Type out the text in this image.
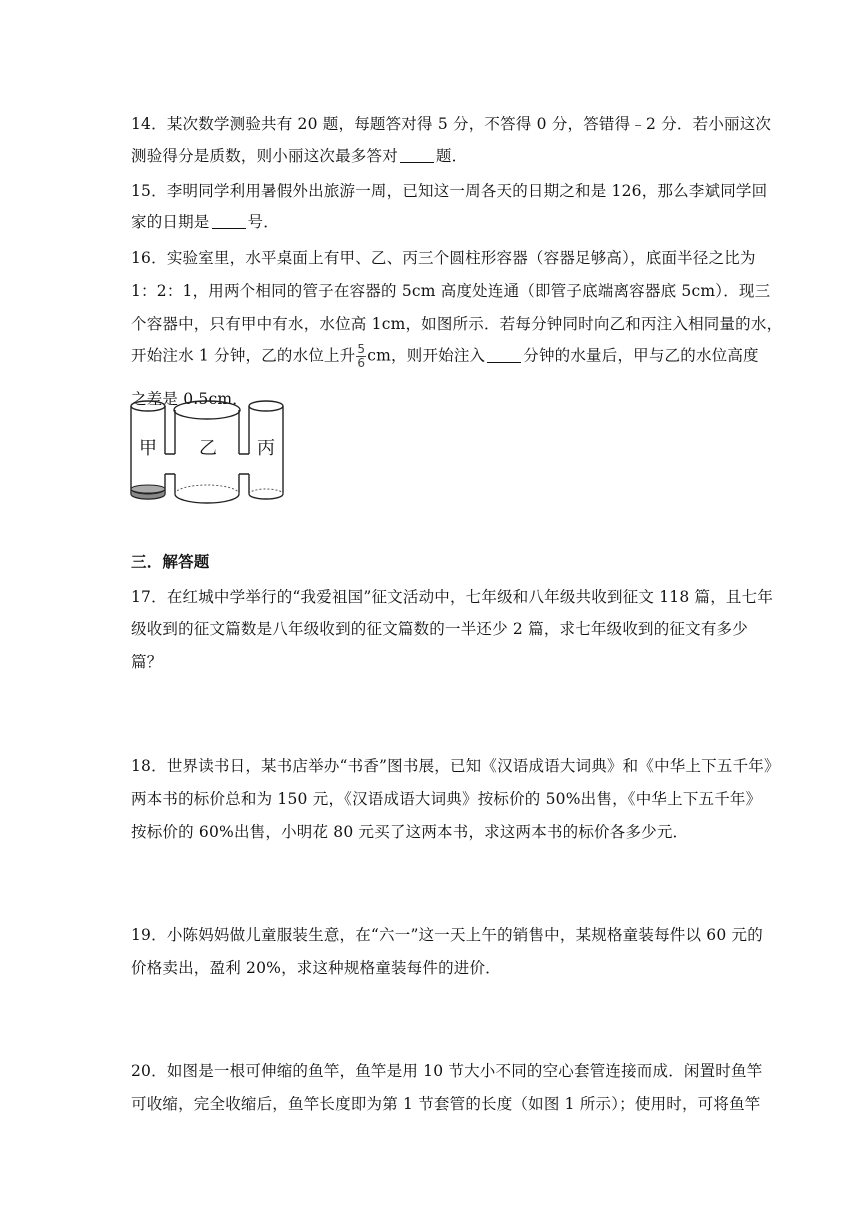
14．某次数学测验共有 20 题，每题答对得 5 分，不答得 0 分，答错得﹣2 分．若小丽这次
测验得分是质数，则小丽这次最多答对 题．
15．李明同学利用暑假外出旅游一周，已知这一周各天的日期之和是 126，那么李斌同学回
家的日期是 号．
16．实验室里，水平桌面上有甲、乙、丙三个圆柱形容器（容器足够高），底面半径之比为
1：2：1，用两个相同的管子在容器的 5cm 高度处连通（即管子底端离容器底 5cm）．现三
个容器中，只有甲中有水，水位高 1cm，如图所示．若每分钟同时向乙和丙注入相同量的水，
开始注水 1 分钟，乙的水位上升 $\frac{5}{6}$ cm，则开始注入 分钟的水量后，甲与乙的水位高度
之差是 0.5cm．
甲 乙 丙
三．解答题
17．在红城中学举行的“我爱祖国”征文活动中，七年级和八年级共收到征文 118 篇，且七年
级收到的征文篇数是八年级收到的征文篇数的一半还少 2 篇，求七年级收到的征文有多少
篇？
18．世界读书日，某书店举办“书香”图书展，已知《汉语成语大词典》和《中华上下五千年》
两本书的标价总和为 150 元，《汉语成语大词典》按标价的 50%出售，《中华上下五千年》
按标价的 60%出售，小明花 80 元买了这两本书，求这两本书的标价各多少元．
19．小陈妈妈做儿童服装生意，在“六一”这一天上午的销售中，某规格童装每件以 60 元的
价格卖出，盈利 20%，求这种规格童装每件的进价．
20．如图是一根可伸缩的鱼竿，鱼竿是用 10 节大小不同的空心套管连接而成．闲置时鱼竿
可收缩，完全收缩后，鱼竿长度即为第 1 节套管的长度（如图 1 所示）；使用时，可将鱼竿
